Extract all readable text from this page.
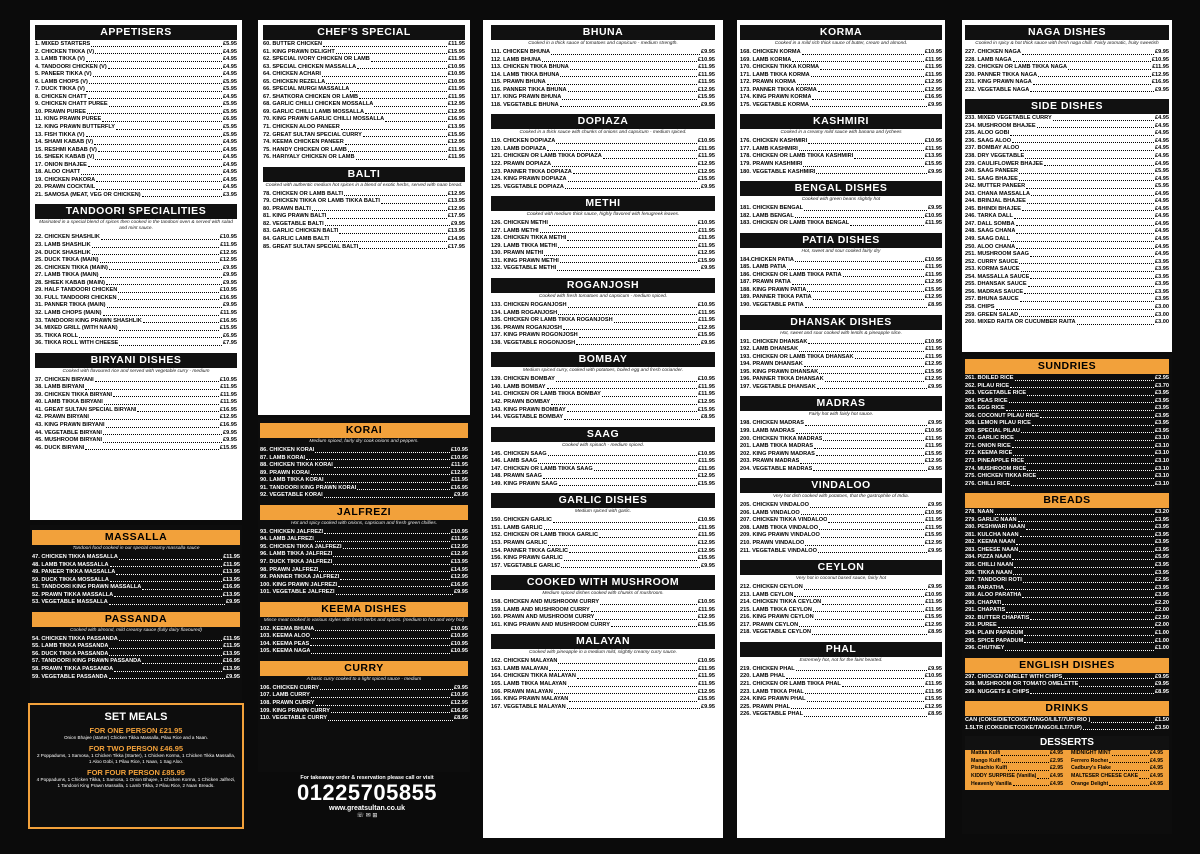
APPETISERS
1. MIXED STARTERS	£5.95
2. CHICKEN TIKKA (V)	£4.95
3. LAMB TIKKA (V)	£4.95
4. TANDOORI CHICKEN (V)	£4.95
5. PANEER TIKKA (V)	£4.95
6. LAMB CHOPS (V)	£5.95
7. DUCK TIKKA (V)	£5.95
8. CHICKEN CHATT	£4.95
9. CHICKEN CHATT PUREE	£5.95
10. PRAWN PUREE	£5.95
11. KING PRAWN PUREE	£6.95
12. KING PRAWN BUTTERFLY	£5.95
13. FISH TIKKA (V)	£5.95
14. SHAMI KABAB (V)	£4.95
15. RESHMI KABAB (V)	£4.95
16. SHEEK KABAB (V)	£4.95
17. ONION BHAJEE	£4.95
18. ALOO CHATT	£4.95
19. CHICKEN PAKORA	£4.95
20. PRAWN COCKTAIL	£4.95
21. SAMOSA (MEAT, VEG OR CHICKEN)	£3.95
TANDOORI SPECIALITIES
Marinated in a special blend of spices then cooked in the tandoori oven & served with salad and mint sauce.
22. CHICKEN SHASHLIK	£10.95
23. LAMB SHASHLIK	£11.95
24. DUCK SHASHLIK	£12.95
25. DUCK TIKKA (MAIN)	£12.95
26. CHICKEN TIKKA (MAIN)	£9.95
27. LAMB TIKKA (MAIN)	£9.95
28. SHEEK KABAB (MAIN)	£9.95
29. HALF TANDOORI CHICKEN	£10.95
30. FULL TANDOORI CHICKEN	£16.95
31. PANNER TIKKA (MAIN)	£9.95
32. LAMB CHOPS (MAIN)	£11.95
33. TANDOORI KING PRAWN SHASHLIK	£16.95
34. MIXED GRILL (WITH NAAN)	£15.95
35. TIKKA ROLL	£6.95
36. TIKKA ROLL WITH CHEESE	£7.95
BIRYANI DISHES
Cooked with flavoured rice and served with vegetable curry - medium
37. CHICKEN BIRYANI	£10.95
38. LAMB BIRYANI	£11.95
39. CHICKEN TIKKA BIRYANI	£11.95
40. LAMB TIKKA BIRYANI	£11.95
41. GREAT SULTAN SPECIAL BIRYANI	£16.95
42. PRAWN BIRYANI	£12.95
43. KING PRAWN BIRYANI	£16.95
44. VEGETABLE BIRYANI	£9.95
45. MUSHROOM BIRYANI	£9.95
46. DUCK BIRYANI	£15.95
MASSALLA
Tandoori food cooked in our special creamy massalla sauce
47. CHICKEN TIKKA MASSALLA	£11.95
48. LAMB TIKKA MASSALLA	£11.95
49. PANEER TIKKA MASSALLA	£13.95
50. DUCK TIKKA MOSSALLA	£13.95
51. TANDOORI KING PRAWN MASSALLA	£16.95
52. PRAWN TIKKA MASSALLA	£13.95
53. VEGETABLE MASSALLA	£9.95
PASSANDA
Cooked with almond, mild creamy sauce (fully dairy flavoured)
54. CHICKEN TIKKA PASSANDA	£11.95
55. LAMB TIKKA PASSANDA	£11.95
56. DUCK TIKKA PASSANDA	£13.95
57. TANDOORI KING PRAWN PASSANDA	£16.95
58. PRAWN TIKKA PASSANDA	£13.95
59. VEGETABLE PASSANDA	£9.95
SET MEALS
FOR ONE PERSON £21.95
Onion Bhajee (starter) Chicken Tikka Massalla, Pilau Rice and a Naan.
FOR TWO PERSON £46.95
2 Poppadums, 1 Samosa, 1 Chicken Tikka (Starter), 1 Chicken Korma, 1 Chicken Tikka Massalla, 1 Aloo Gobi, 1 Pilau Rice, 1 Naan, 1 Sag Aloo.
FOR FOUR PERSON £85.95
4 Poppadums, 1 Chicken Tikka, 1 Samosa, 1 Onion Bhajee, 1 Chicken Korma, 1 Chicken Jalfrezi, 1 Tandoori King Prawn Massalla, 1 Lamb Tikka, 2 Pilau Rice, 2 Naan Breads.
CHEF'S SPECIAL
60. BUTTER CHICKEN	£11.95
61. KING PRAWN DELIGHT	£15.95
62. SPECIAL IVORY CHICKEN OR LAMB	£11.95
63. SPECIAL CHICKEN MASSALLA	£10.95
64. CHICKEN ACHARI	£10.95
65. CHICKEN REZELLA	£10.95
66. SPECIAL MURGI MASSALLA	£11.95
67. SHATKORA CHICKEN OR LAMB	£11.95
68. GARLIC CHILLI CHICKEN MOSSALLA	£12.95
69. GARLIC CHILLI LAMB MOSSALLA	£12.95
70. KING PRAWN GARLIC CHILLI MOSSALLA	£16.95
71. CHICKEN ALOO PANEER	£13.95
72. GREAT SULTAN SPECIAL CURRY	£15.95
74. KEEMA CHICKEN PANEER	£12.95
75. HANDY CHICKEN OR LAMB	£11.95
76. HARIYALY CHICKEN OR LAMB	£11.95
BALTI
Cooked with authentic medium hot spices in a blend of exotic herbs, served with naan bread.
78. CHICKEN OR LAMB BALTI	£12.95
79. CHICKEN TIKKA OR LAMB TIKKA BALTI	£13.95
80. PRAWN BALTI	£12.95
81. KING PRAWN BALTI	£17.95
82. VEGETABLE BALTI	£9.95
83. GARLIC CHICKEN BALTI	£13.95
84. GARLIC LAMB BALTI	£14.95
85. GREAT SULTAN SPECIAL BALTI	£17.95
KORAI
Medium spiced, fairly dry cook onions and peppers.
86. CHICKEN KORAI	£10.95
87. LAMB KORAI	£10.95
88. CHICKEN TIKKA KORAI	£11.95
89. PRAWN KORAI	£12.95
90. LAMB TIKKA KORAI	£11.95
91. TANDOORI KING PRAWN KORAI	£16.95
92. VEGETABLE KORAI	£9.95
JALFREZI
Hot and spicy cooked with onions, capsicum and fresh green chillies.
93. CHICKEN JALFREZI	£10.95
94. LAMB JALFREZI	£11.95
95. CHICKEN TIKKA JALFREZI	£12.95
96. LAMB TIKKA JALFREZI	£12.95
97. DUCK TIKKA JALFREZI	£13.95
98. PRAWN JALFREZI	£14.95
99. PANNER TIKKA JALFREZI	£12.95
100. KING PRAWN JALFREZI	£16.95
101. VEGETABLE JALFREZI	£9.95
KEEMA DISHES
Mince meat cooked in various styles with fresh herbs and spices. (medium to hot and very hot)
102. KEEMA BHUNA	£10.95
103. KEEMA ALOO	£10.95
104. KEEMA PEAS	£10.95
105. KEEMA NAGA	£10.95
CURRY
A basic curry cooked to a light spiced sauce - medium
106. CHICKEN CURRY	£9.95
107. LAMB CURRY	£10.95
108. PRAWN CURRY	£12.95
109. KING PRAWN CURRY	£16.95
110. VEGETABLE CURRY	£8.95
For takeaway order & reservation please call or visit
01225705855
www.greatsultan.co.uk
☏ ✉ ⊞
BHUNA
Cooked in a thick sauce of tomatoes and capsicum - medium strength.
111. CHICKEN BHUNA	£9.95
112. LAMB BHUNA	£10.95
113. CHICKEN TIKKA BHUNA	£11.95
114. LAMB TIKKA BHUNA	£11.95
115. PRAWN BHUNA	£11.95
116. PANNER TIKKA BHUNA	£12.95
117. KING PRAWN BHUNA	£15.95
118. VEGETABLE BHUNA	£9.95
DOPIAZA
Cooked in a thick sauce with chunks of onions and capsicum - medium spiced.
119. CHICKEN DOPIAZA	£10.95
120. LAMB DOPIAZA	£11.95
121. CHICKEN OR LAMB TIKKA DOPIAZA	£11.95
122. PRAWN DOPIAZA	£12.95
123. PANNER TIKKA DOPIAZA	£12.95
124. KING PRAWN DOPIAZA	£15.95
125. VEGETABLE DOPIAZA	£9.95
METHI
Cooked with medium thick sauce, highly flavored with fenugreek leaves.
126. CHICKEN METHI	£10.95
127. LAMB METHI	£11.95
128. CHICKEN TIKKA METHI	£11.95
129. LAMB TIKKA METHI	£11.95
130. PRAWN METHI	£12.95
131. KING PRAWN METHI	£15.99
132. VEGETABLE METHI	£9.95
ROGANJOSH
Cooked with fresh tomatoes and capsicum - medium spiced.
133. CHICKEN ROGANJOSH	£10.95
134. LAMB ROGANJOSH	£11.95
135. CHICKEN OR LAMB TIKKA ROGANJOSH	£11.95
136. PRAWN ROGANJOSH	£12.95
137. KING PRAWN ROGONJOSH	£15.95
138. VEGETABLE ROGONJOSH	£9.95
BOMBAY
Medium spiced curry, cooked with potatoes, boiled egg and fresh coriander.
139. CHICKEN BOMBAY	£10.95
140. LAMB BOMBAY	£11.95
141. CHICKEN OR LAMB TIKKA BOMBAY	£11.95
142. PRAWN BOMBAY	£12.95
143. KING PRAWN BOMBAY	£15.95
144. VEGETABLE BOMBAY	£8.95
SAAG
Cooked with spinach - medium spiced.
145. CHICKEN SAAG	£10.95
146. LAMB SAAG	£11.95
147. CHICKEN OR LAMB TIKKA SAAG	£11.95
148. PRAWN SAAG	£12.95
149. KING PRAWN SAAG	£15.95
GARLIC DISHES
Medium spiced with garlic.
150. CHICKEN GARLIC	£10.95
151. LAMB GARLIC	£11.95
152. CHICKEN OR LAMB TIKKA GARLIC	£11.95
153. PRAWN GARLIC	£12.95
154. PANNER TIKKA GARLIC	£12.95
156. KING PRAWN GARLIC	£15.95
157. VEGETABLE GARLIC	£9.95
COOKED WITH MUSHROOM
Medium spiced dishes cooked with chunks of mushroom.
158. CHICKEN AND MUSHROOM CURRY	£10.95
159. LAMB AND MUSHROOM CURRY	£11.95
160. PRAWN AND MUSHROOM CURRY	£12.95
161. KING PRAWN AND MUSHROOM CURRY	£15.95
MALAYAN
Cooked with pineapple in a medium mild, slightly creamy curry sauce.
162. CHICKEN MALAYAN	£10.95
163. LAMB MALAYAN	£11.95
164. CHICKEN TIKKA MALAYAN	£11.95
165. LAMB TIKKA MALAYAN	£11.95
166. PRAWN MALAYAN	£12.95
166. KING PRAWN MALAYAN	£15.95
167. VEGETABLE MALAYAN	£9.95
KORMA
Cooked in a mild rich thick sauce of butter, cream and almond.
168. CHICKEN KORMA	£10.95
169. LAMB KORMA	£11.95
170. CHICKEN TIKKA KORMA	£11.95
171. LAMB TIKKA KORMA	£11.95
172. PRAWN KORMA	£12.95
173. PANNER TIKKA KORMA	£12.95
174. KING PRAWN KORMA	£16.95
175. VEGETABLE KORMA	£9.95
KASHMIRI
Cooked in a creamy mild sauce with banana and lychees
176. CHICKEN KASHMIRI	£10.95
177. LAMB KASHMIRI	£11.95
178. CHICKEN OR LAMB TIKKA KASHMIRI	£13.95
179. PRAWN KASHMIRI	£15.95
180. VEGETABLE KASHMIRI	£9.95
BENGAL DISHES
Cooked with green beans slightly hot
181. CHICKEN BENGAL	£9.95
182. LAMB BENGAL	£10.95
183. CHICKEN OR LAMB TIKKA BENGAL	£11.95
PATIA DISHES
Hot, sweet and sour cooked fairly dry
184.CHICKEN PATIA	£10.95
185. LAMB PATIA	£11.95
186. CHICKEN OR LAMB TIKKA PATIA	£11.95
187. PRAWN PATIA	£12.95
188. KING PRAWN PATIA	£15.95
189. PANNER TIKKA PATIA	£12.95
190. VEGETABLE PATIA	£8.95
DHANSAK DISHES
Hot, sweet and sour cooked with lentils & pineapple slice.
191. CHICKEN DHANSAK	£10.95
192. LAMB DHANSAK	£11.95
193. CHICKEN OR LAMB TIKKA DHANSAK	£11.95
194. PRAWN DHANSAK	£12.95
195. KING PRAWN DHANSAK	£15.95
196. PANNER TIKKA DHANSAK	£12.95
197. VEGETABLE DHANSAK	£9.95
MADRAS
Fairly hot with fairly hot sauce.
198. CHICKEN MADRAS	£9.95
199. LAMB MADRAS	£10.95
200. CHICKEN TIKKA MADRAS	£11.95
201. LAMB TIKKA MADRAS	£11.95
202. KING PRAWN MADRAS	£15.95
203. PRAWN MADRAS	£12.95
204. VEGETABLE MADRAS	£9.95
VINDALOO
Very hot dish cooked with potatoes, that the gastrophile of India.
205. CHICKEN VINDALOO	£9.95
206. LAMB VINDALOO	£10.95
207. CHICKEN TIKKA VINDALOO	£11.95
208. LAMB TIKKA VINDALOO	£11.95
209. KING PRAWN VINDALOO	£15.95
210. PRAWN VINDALOO	£12.95
211. VEGETABLE VINDALOO	£9.95
CEYLON
Very hot in coconut based sauce, fairly hot
212. CHICKEN CEYLON	£9.95
213. LAMB CEYLON	£10.95
214. CHICKEN TIKKA CEYLON	£11.95
215. LAMB TIKKA CEYLON	£11.95
216. KING PRAWN CEYLON	£15.95
217. PRAWN CEYLON	£12.95
218. VEGETABLE CEYLON	£8.95
PHAL
Extremely hot, not for the faint hearted.
219. CHICKEN PHAL	£9.95
220. LAMB PHAL	£10.95
221. CHICKEN OR LAMB TIKKA PHAL	£11.95
223. LAMB TIKKA PHAL	£11.95
224. KING PRAWN PHAL	£15.95
225. PRAWN PHAL	£12.95
226. VEGETABLE PHAL	£8.95
NAGA DISHES
Cooked in spicy & hot thick sauce with fresh naga chilli. Fairly aromatic, fruity sweetish
227. CHICKEN NAGA	£9.95
228. LAMB NAGA	£10.95
229. CHICKEN OR LAMB TIKKA NAGA	£11.95
230. PANNER TIKKA NAGA	£12.95
231. KING PRAWN NAGA	£16.95
232. VEGETABLE NAGA	£9.95
SIDE DISHES
233. MIXED VEGETABLE CURRY	£4.95
234. MUSHROOM BHAJEE	£4.95
235. ALOO GOBI	£4.95
236. SAAG ALOO	£4.95
237. BOMBAY ALOO	£4.95
238. DRY VEGETABLE	£4.95
239. CAULIFLOWER BHAJEE	£4.95
240. SAAG PANEER	£5.95
241. SAAG BHAJEE	£4.95
242. MUTTER PANEER	£5.95
243. CHANA MASSALLA	£4.95
244. BRINJAL BHAJEE	£4.95
245. BHINDI BHAJEE	£4.95
246. TARKA DALL	£4.95
247. DALL SOMBA	£4.95
248. SAAG CHANA	£4.95
249. SAAG DALL	£4.95
250. ALOO CHANA	£4.95
251. MUSHROOM SAAG	£4.95
252. CURRY SAUCE	£3.95
253. KORMA SAUCE	£3.95
254. MASSALLA SAUCE	£3.95
255. DHANSAK SAUCE	£3.95
256. MADRAS SAUCE	£3.95
257. BHUNA SAUCE	£3.95
258. CHIPS	£3.00
259. GREEN SALAD	£3.00
260. MIXED RAITA OR CUCUMBER RAITA	£3.00
SUNDRIES
261. BOILED RICE	£2.95
262. PILAU RICE	£3.70
263. VEGETABLE RICE	£3.95
264. PEAS RICE	£3.95
265. EGG RICE	£3.95
266. COCONUT PILAU RICE	£3.95
268. LEMON PILAU RICE	£3.95
269. SPECIAL PILAU	£3.95
270. GARLIC RICE	£3.10
271. ONION RICE	£3.10
272. KEEMA RICE	£3.10
273. PINEAPPLE RICE	£3.10
274. MUSHROOM RICE	£3.10
275. CHICKEN TIKKA RICE	£3.10
276. CHILLI RICE	£3.10
BREADS
278. NAAN	£3.20
279. GARLIC NAAN	£3.95
280. PESHWARI NAAN	£3.95
281. KULCHA NAAN	£3.95
282. KEEMA NAAN	£3.95
283. CHEESE NAAN	£3.95
284. PIZZA NAAN	£5.95
285. CHILLI NAAN	£3.95
286. TIKKA NAAN	£3.95
287. TANDOORI ROTI	£2.95
288. PARATHA	£3.95
289. ALOO PARATHA	£3.95
290. CHAPATI	£2.20
291. CHAPATIS	£2.00
292. BUTTER CHAPATIS	£2.50
293. PUREE	£2.00
294. PLAIN PAPADUM	£1.00
295. SPICE PAPADUM	£1.00
296. CHUTNEY	£1.00
ENGLISH DISHES
297. CHICKEN OMELET WITH CHIPS	£9.95
298. MUSHROOM OR TOMATO OMELETTE	£9.95
299. NUGGETS & CHIPS	£8.95
DRINKS
CAN (COKE/DIETCOKE/TANGO/LILT/7UP/ RIO )	£1.50
1.5LTR (COKE/DIETCOKE/TANGO/LILT/7UP)	£3.50
DESSERTS
Mattka Kulfi	£4.95 MIDNIGHT MINT	£4.95
Mango Kulfi	£2.95 Ferrero Rocher	£4.95
Pistachio Kulfi	£2.95 Cadbury's Flake	£4.95
KIDDY SURPRISE (Vanilla)	£4.95 MALTESER CHEESE CAKE £4.95
Heavenly Vanilla	£4.95 Orange Delight	£4.95
